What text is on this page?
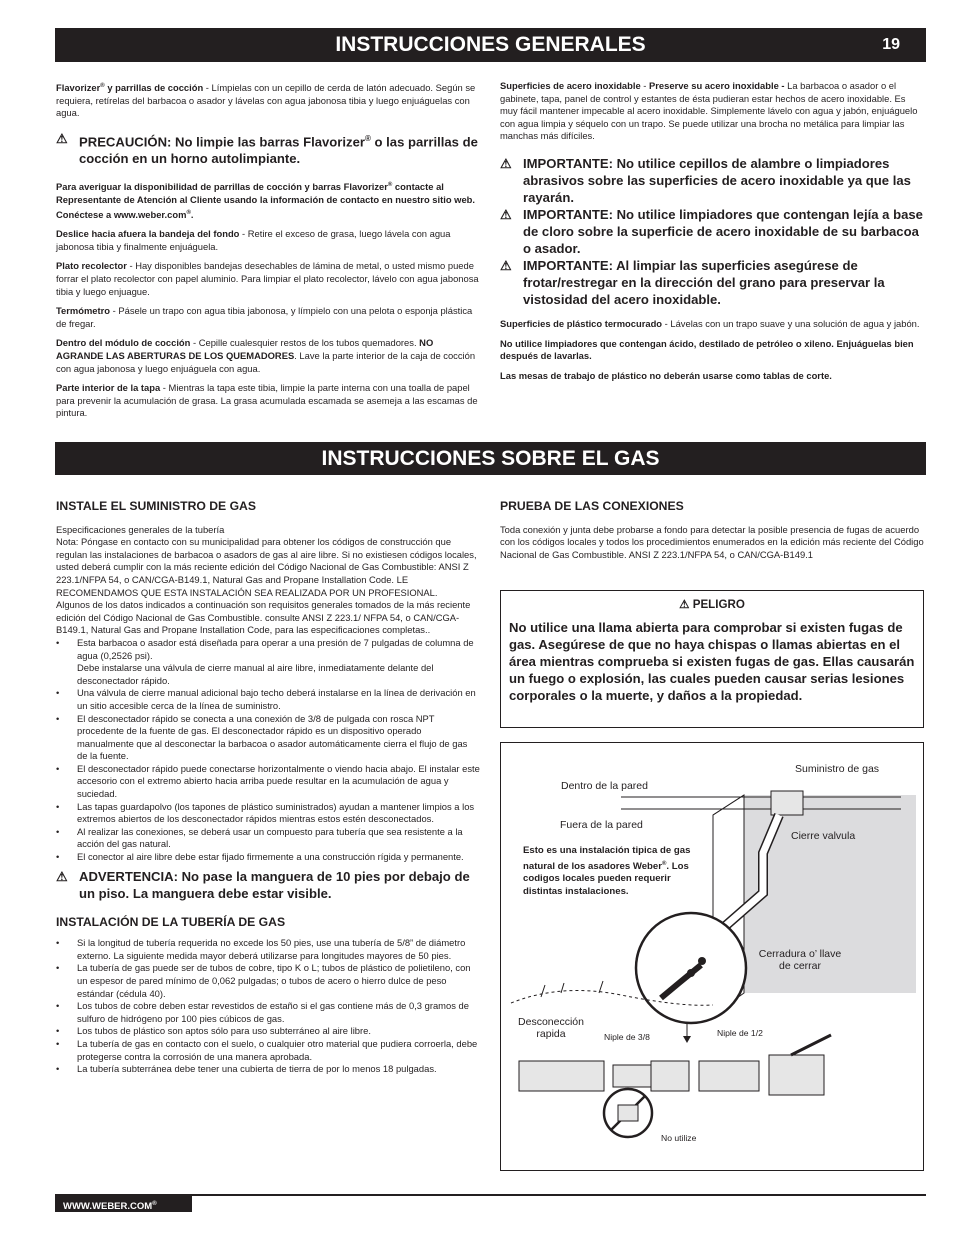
INSTRUCCIONES GENERALES	19

Flavorizer® y parrillas de cocción - Límpielas con un cepillo de cerda de latón adecuado. Según se requiera, retírelas del barbacoa o asador y lávelas con agua jabonosa tibia y luego enjuáguelas con agua.

⚠ PRECAUCIÓN: No limpie las barras Flavorizer® o las parrillas de cocción en un horno autolimpiante.

Para averiguar la disponibilidad de parrillas de cocción y barras Flavorizer® contacte al Representante de Atención al Cliente usando la información de contacto en nuestro sitio web. Conéctese a www.weber.com®.

Deslice hacia afuera la bandeja del fondo - Retire el exceso de grasa, luego lávela con agua jabonosa tibia y finalmente enjuáguela.

Plato recolector - Hay disponibles bandejas desechables de lámina de metal, o usted mismo puede forrar el plato recolector con papel aluminio. Para limpiar el plato recolector, lávelo con agua jabonosa tibia y luego enjuague.

Termómetro - Pásele un trapo con agua tibia jabonosa, y límpielo con una pelota o esponja plástica de fregar.

Dentro del módulo de cocción - Cepille cualesquier restos de los tubos quemadores. NO AGRANDE LAS ABERTURAS DE LOS QUEMADORES. Lave la parte interior de la caja de cocción con agua jabonosa y luego enjuáguela con agua.

Parte interior de la tapa - Mientras la tapa este tibia, limpie la parte interna con una toalla de papel para prevenir la acumulación de grasa. La grasa acumulada escamada se asemeja a las escamas de pintura.

Superficies de acero inoxidable - Preserve su acero inoxidable - La barbacoa o asador o el gabinete, tapa, panel de control y estantes de ésta pudieran estar hechos de acero inoxidable. Es muy fácil mantener impecable al acero inoxidable. Simplemente lávelo con agua y jabón, enjuáguelo con agua limpia y séquelo con un trapo. Se puede utilizar una brocha no metálica para limpiar las manchas más difíciles.

⚠ IMPORTANTE: No utilice cepillos de alambre o limpiadores abrasivos sobre las superficies de acero inoxidable ya que las rayarán.
⚠ IMPORTANTE: No utilice limpiadores que contengan lejía a base de cloro sobre la superficie de acero inoxidable de su barbacoa o asador.
⚠ IMPORTANTE: Al limpiar las superficies asegúrese de frotar/restregar en la dirección del grano para preservar la vistosidad del acero inoxidable.

Superficies de plástico termocurado - Lávelas con un trapo suave y una solución de agua y jabón.

No utilice limpiadores que contengan ácido, destilado de petróleo o xileno. Enjuáguelas bien después de lavarlas.

Las mesas de trabajo de plástico no deberán usarse como tablas de corte.

INSTRUCCIONES SOBRE EL GAS
INSTALE EL SUMINISTRO DE GAS
Especificaciones generales de la tubería
Nota: Póngase en contacto con su municipalidad para obtener los códigos de construcción que regulan las instalaciones de barbacoa o asadors de gas al aire libre. Si no existiesen códigos locales, usted deberá cumplir con la más reciente edición del Código Nacional de Gas Combustible: ANSI Z 223.1/NFPA 54, o CAN/CGA-B149.1, Natural Gas and Propane Installation Code. LE RECOMENDAMOS QUE ESTA INSTALACIÓN SEA REALIZADA POR UN PROFESIONAL.
Algunos de los datos indicados a continuación son requisitos generales tomados de la más reciente edición del Código Nacional de Gas Combustible. consulte ANSI Z 223.1/ NFPA 54, o CAN/CGA-B149.1, Natural Gas and Propane Installation Code, para las especificaciones completas..
• Esta barbacoa o asador está diseñada para operar a una presión de 7 pulgadas de columna de agua (0,2526 psi).
Debe instalarse una válvula de cierre manual al aire libre, inmediatamente delante del desconectador rápido.
• Una válvula de cierre manual adicional bajo techo deberá instalarse en la línea de derivación en un sitio accesible cerca de la línea de suministro.
• El desconectador rápido se conecta a una conexión de 3/8 de pulgada con rosca NPT procedente de la fuente de gas. El desconectador rápido es un dispositivo operado manualmente que al desconectar la barbacoa o asador automáticamente cierra el flujo de gas de la fuente.
• El desconectador rápido puede conectarse horizontalmente o viendo hacia abajo. El instalar este accesorio con el extremo abierto hacia arriba puede resultar en la acumulación de agua y suciedad.
• Las tapas guardapolvo (los tapones de plástico suministrados) ayudan a mantener limpios a los extremos abiertos de los desconectador rápidos mientras estos estén desconectados.
• Al realizar las conexiones, se deberá usar un compuesto para tubería que sea resistente a la acción del gas natural.
• El conector al aire libre debe estar fijado firmemente a una construcción rígida y permanente.
⚠ ADVERTENCIA: No pase la manguera de 10 pies por debajo de un piso. La manguera debe estar visible.
INSTALACIÓN DE LA TUBERÍA DE GAS
• Si la longitud de tubería requerida no excede los 50 pies, use una tubería de 5/8” de diámetro externo. La siguiente medida mayor deberá utilizarse para longitudes mayores de 50 pies.
• La tubería de gas puede ser de tubos de cobre, tipo K o L; tubos de plástico de polietileno, con un espesor de pared mínimo de 0,062 pulgadas; o tubos de acero o hierro dulce de peso estándar (cédula 40).
• Los tubos de cobre deben estar revestidos de estaño si el gas contiene más de 0,3 gramos de sulfuro de hidrógeno por 100 pies cúbicos de gas.
• Los tubos de plástico son aptos sólo para uso subterráneo al aire libre.
• La tubería de gas en contacto con el suelo, o cualquier otro material que pudiera corroerla, debe protegerse contra la corrosión de una manera aprobada.
• La tubería subterránea debe tener una cubierta de tierra de por lo menos 18 pulgadas.
PRUEBA DE LAS CONEXIONES
Toda conexión y junta debe probarse a fondo para detectar la posible presencia de fugas de acuerdo con los códigos locales y todos los procedimientos enumerados en la edición más reciente del Código Nacional de Gas Combustible. ANSI Z 223.1/NFPA 54, o CAN/CGA-B149.1
⚠ PELIGRO
No utilice una llama abierta para comprobar si existen fugas de gas. Asegúrese de que no haya chispas o llamas abiertas en el área mientras comprueba si existen fugas de gas. Ellas causarán un fuego o explosión, las cuales pueden causar serias lesiones corporales o la muerte, y daños a la propiedad.
Suministro de gas
Dentro de la pared
Fuera de la pared
Cierre valvula
Cerradura o’ llave de cerrar
Desconección rapida	Niple de 3/8	Niple de 1/2
No utilize
Esto es una instalación tipica de gas natural de los asadores Weber®. Los codigos locales pueden requerir distintas instalaciones.
WWW.WEBER.COM®
